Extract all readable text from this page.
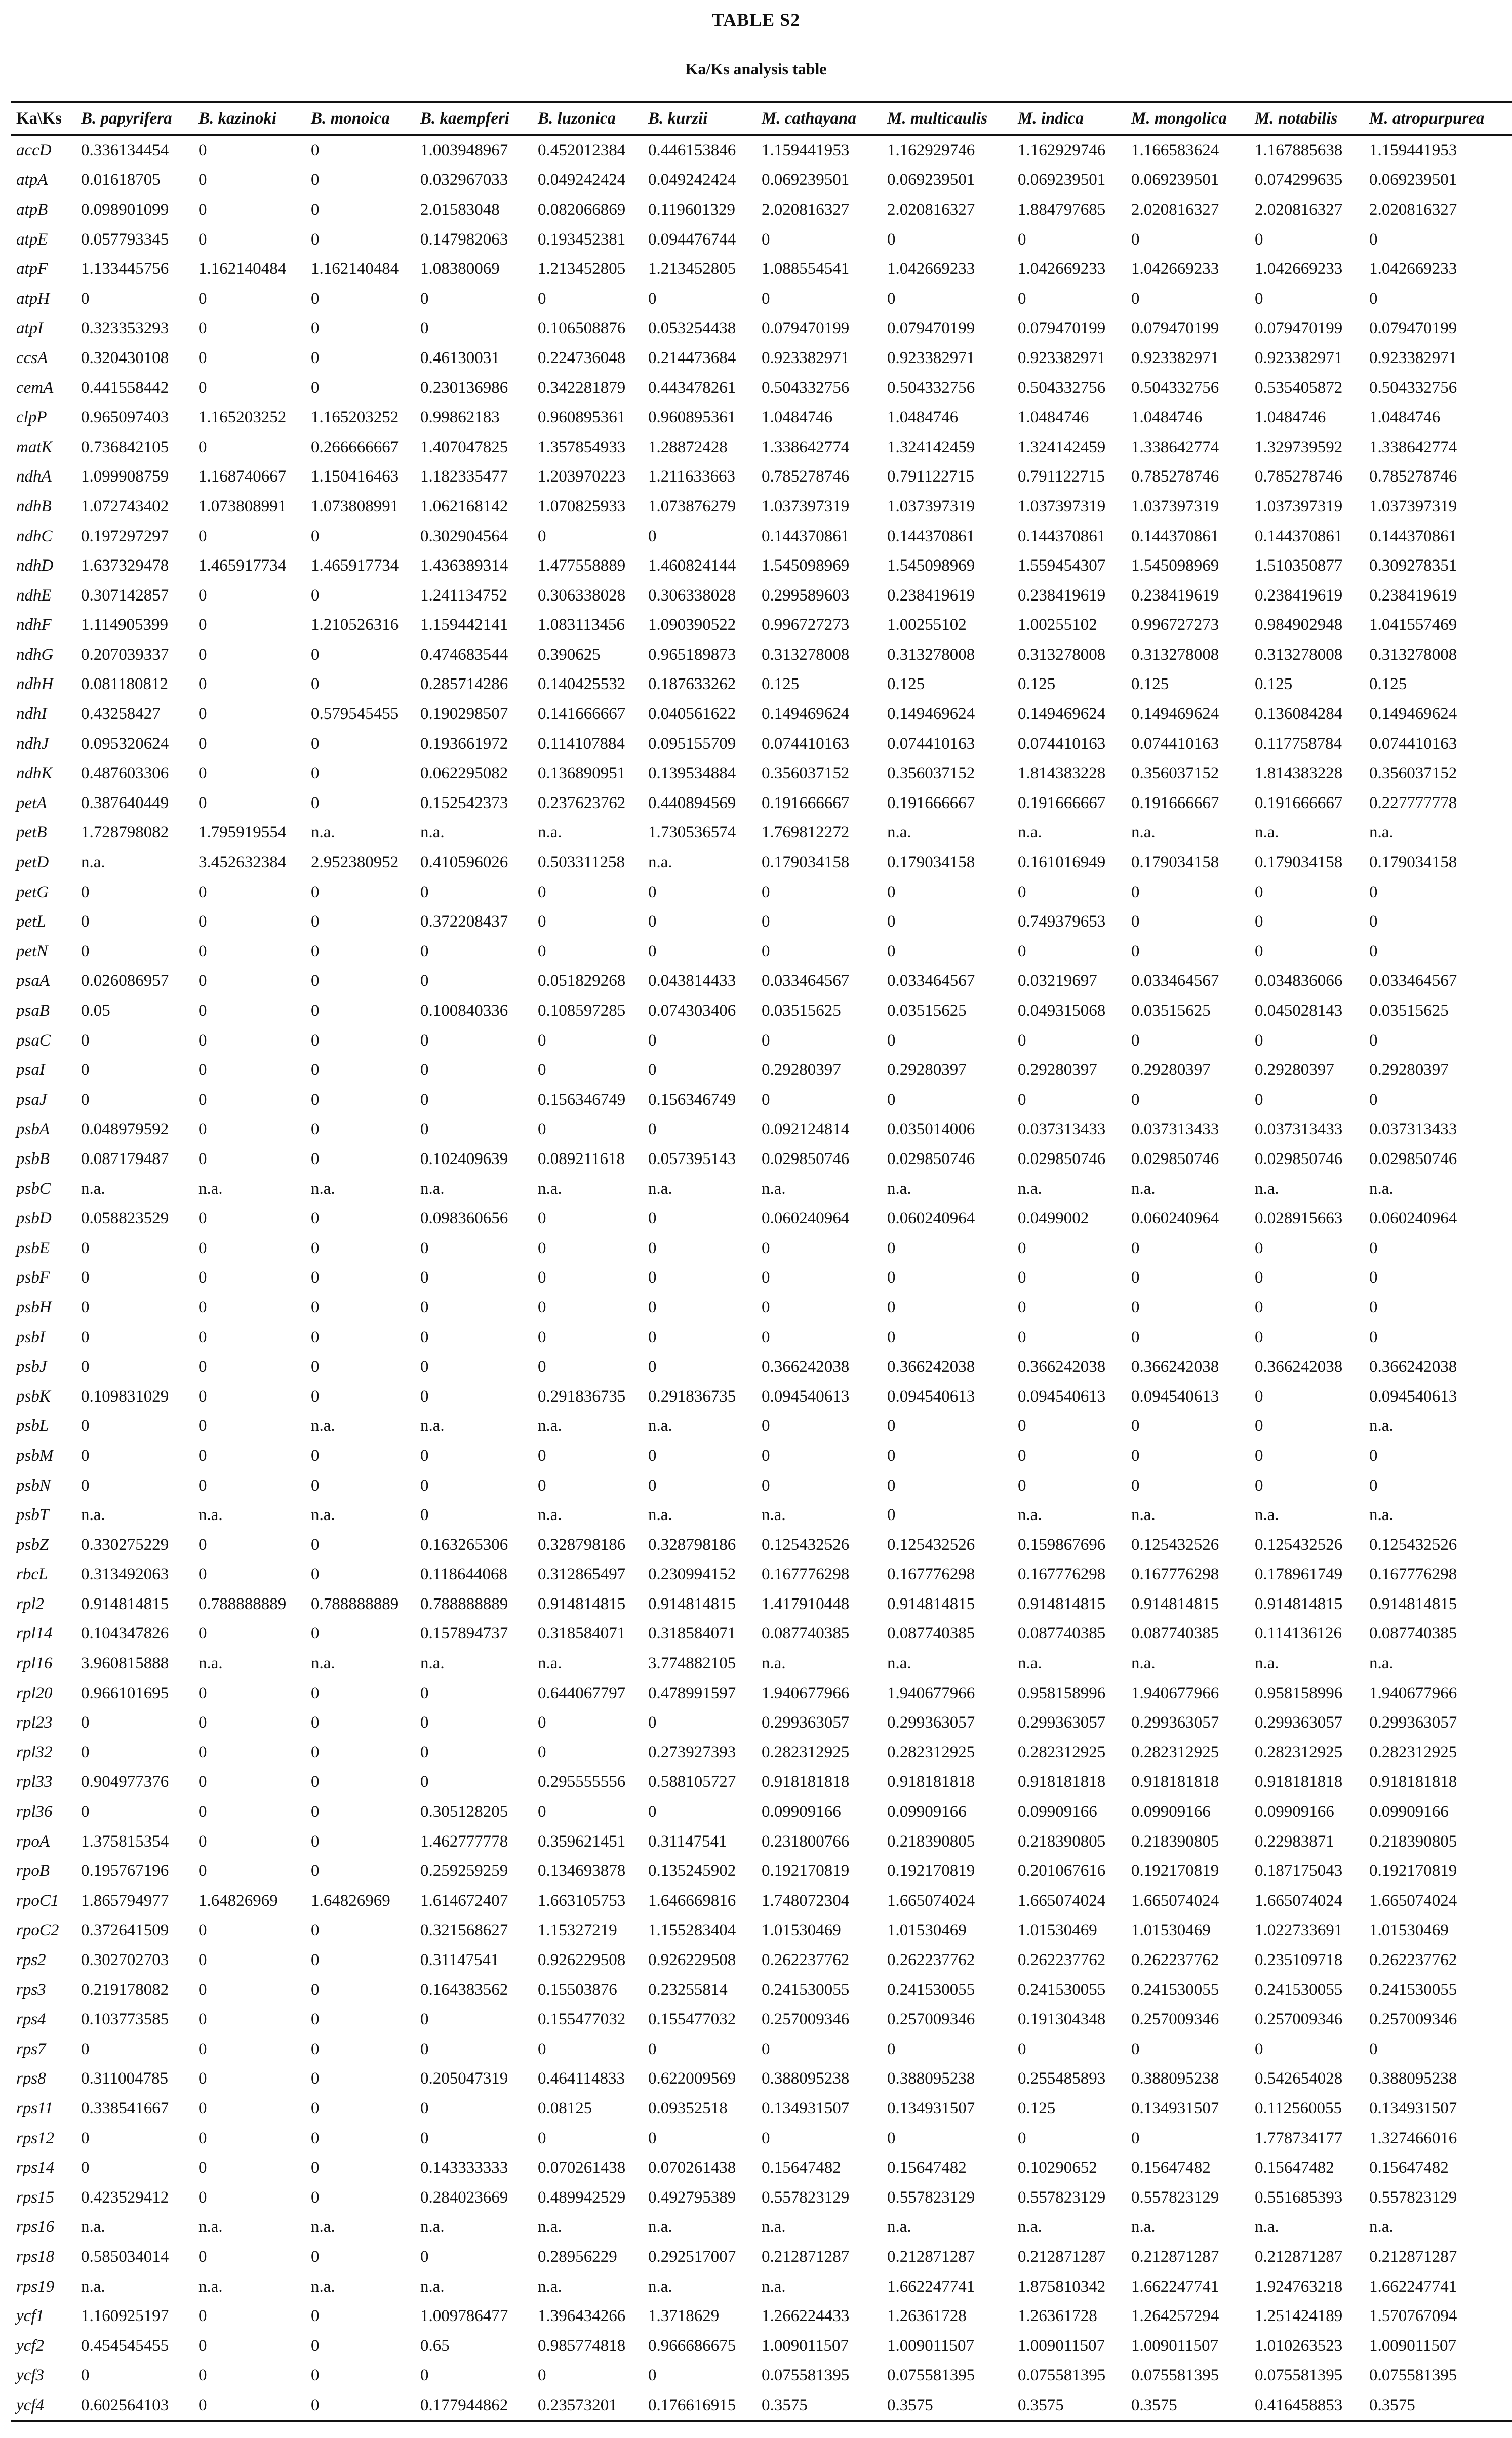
TABLE S2
Ka/Ks analysis table
Ka\Ks	B. papyrifera	B. kazinoki	B. monoica	B. kaempferi	B. luzonica	B. kurzii	M. cathayana	M. multicaulis	M. indica	M. mongolica	M. notabilis	M. atropurpurea
accD	0.336134454	0	0	1.003948967	0.452012384	0.446153846	1.159441953	1.162929746	1.162929746	1.166583624	1.167885638	1.159441953
atpA	0.01618705	0	0	0.032967033	0.049242424	0.049242424	0.069239501	0.069239501	0.069239501	0.069239501	0.074299635	0.069239501
atpB	0.098901099	0	0	2.01583048	0.082066869	0.119601329	2.020816327	2.020816327	1.884797685	2.020816327	2.020816327	2.020816327
atpE	0.057793345	0	0	0.147982063	0.193452381	0.094476744	0	0	0	0	0	0
atpF	1.133445756	1.162140484	1.162140484	1.08380069	1.213452805	1.213452805	1.088554541	1.042669233	1.042669233	1.042669233	1.042669233	1.042669233
atpH	0	0	0	0	0	0	0	0	0	0	0	0
atpI	0.323353293	0	0	0	0.106508876	0.053254438	0.079470199	0.079470199	0.079470199	0.079470199	0.079470199	0.079470199
ccsA	0.320430108	0	0	0.46130031	0.224736048	0.214473684	0.923382971	0.923382971	0.923382971	0.923382971	0.923382971	0.923382971
cemA	0.441558442	0	0	0.230136986	0.342281879	0.443478261	0.504332756	0.504332756	0.504332756	0.504332756	0.535405872	0.504332756
clpP	0.965097403	1.165203252	1.165203252	0.99862183	0.960895361	0.960895361	1.0484746	1.0484746	1.0484746	1.0484746	1.0484746	1.0484746
matK	0.736842105	0	0.266666667	1.407047825	1.357854933	1.28872428	1.338642774	1.324142459	1.324142459	1.338642774	1.329739592	1.338642774
ndhA	1.099908759	1.168740667	1.150416463	1.182335477	1.203970223	1.211633663	0.785278746	0.791122715	0.791122715	0.785278746	0.785278746	0.785278746
ndhB	1.072743402	1.073808991	1.073808991	1.062168142	1.070825933	1.073876279	1.037397319	1.037397319	1.037397319	1.037397319	1.037397319	1.037397319
ndhC	0.197297297	0	0	0.302904564	0	0	0.144370861	0.144370861	0.144370861	0.144370861	0.144370861	0.144370861
ndhD	1.637329478	1.465917734	1.465917734	1.436389314	1.477558889	1.460824144	1.545098969	1.545098969	1.559454307	1.545098969	1.510350877	0.309278351
ndhE	0.307142857	0	0	1.241134752	0.306338028	0.306338028	0.299589603	0.238419619	0.238419619	0.238419619	0.238419619	0.238419619
ndhF	1.114905399	0	1.210526316	1.159442141	1.083113456	1.090390522	0.996727273	1.00255102	1.00255102	0.996727273	0.984902948	1.041557469
ndhG	0.207039337	0	0	0.474683544	0.390625	0.965189873	0.313278008	0.313278008	0.313278008	0.313278008	0.313278008	0.313278008
ndhH	0.081180812	0	0	0.285714286	0.140425532	0.187633262	0.125	0.125	0.125	0.125	0.125	0.125
ndhI	0.43258427	0	0.579545455	0.190298507	0.141666667	0.040561622	0.149469624	0.149469624	0.149469624	0.149469624	0.136084284	0.149469624
ndhJ	0.095320624	0	0	0.193661972	0.114107884	0.095155709	0.074410163	0.074410163	0.074410163	0.074410163	0.117758784	0.074410163
ndhK	0.487603306	0	0	0.062295082	0.136890951	0.139534884	0.356037152	0.356037152	1.814383228	0.356037152	1.814383228	0.356037152
petA	0.387640449	0	0	0.152542373	0.237623762	0.440894569	0.191666667	0.191666667	0.191666667	0.191666667	0.191666667	0.227777778
petB	1.728798082	1.795919554	n.a.	n.a.	n.a.	1.730536574	1.769812272	n.a.	n.a.	n.a.	n.a.	n.a.
petD	n.a.	3.452632384	2.952380952	0.410596026	0.503311258	n.a.	0.179034158	0.179034158	0.161016949	0.179034158	0.179034158	0.179034158
petG	0	0	0	0	0	0	0	0	0	0	0	0
petL	0	0	0	0.372208437	0	0	0	0	0.749379653	0	0	0
petN	0	0	0	0	0	0	0	0	0	0	0	0
psaA	0.026086957	0	0	0	0.051829268	0.043814433	0.033464567	0.033464567	0.03219697	0.033464567	0.034836066	0.033464567
psaB	0.05	0	0	0.100840336	0.108597285	0.074303406	0.03515625	0.03515625	0.049315068	0.03515625	0.045028143	0.03515625
psaC	0	0	0	0	0	0	0	0	0	0	0	0
psaI	0	0	0	0	0	0	0.29280397	0.29280397	0.29280397	0.29280397	0.29280397	0.29280397
psaJ	0	0	0	0	0.156346749	0.156346749	0	0	0	0	0	0
psbA	0.048979592	0	0	0	0	0	0.092124814	0.035014006	0.037313433	0.037313433	0.037313433	0.037313433
psbB	0.087179487	0	0	0.102409639	0.089211618	0.057395143	0.029850746	0.029850746	0.029850746	0.029850746	0.029850746	0.029850746
psbC	n.a.	n.a.	n.a.	n.a.	n.a.	n.a.	n.a.	n.a.	n.a.	n.a.	n.a.	n.a.
psbD	0.058823529	0	0	0.098360656	0	0	0.060240964	0.060240964	0.0499002	0.060240964	0.028915663	0.060240964
psbE	0	0	0	0	0	0	0	0	0	0	0	0
psbF	0	0	0	0	0	0	0	0	0	0	0	0
psbH	0	0	0	0	0	0	0	0	0	0	0	0
psbI	0	0	0	0	0	0	0	0	0	0	0	0
psbJ	0	0	0	0	0	0	0.366242038	0.366242038	0.366242038	0.366242038	0.366242038	0.366242038
psbK	0.109831029	0	0	0	0.291836735	0.291836735	0.094540613	0.094540613	0.094540613	0.094540613	0	0.094540613
psbL	0	0	n.a.	n.a.	n.a.	n.a.	0	0	0	0	0	n.a.
psbM	0	0	0	0	0	0	0	0	0	0	0	0
psbN	0	0	0	0	0	0	0	0	0	0	0	0
psbT	n.a.	n.a.	n.a.	0	n.a.	n.a.	n.a.	0	n.a.	n.a.	n.a.	n.a.
psbZ	0.330275229	0	0	0.163265306	0.328798186	0.328798186	0.125432526	0.125432526	0.159867696	0.125432526	0.125432526	0.125432526
rbcL	0.313492063	0	0	0.118644068	0.312865497	0.230994152	0.167776298	0.167776298	0.167776298	0.167776298	0.178961749	0.167776298
rpl2	0.914814815	0.788888889	0.788888889	0.788888889	0.914814815	0.914814815	1.417910448	0.914814815	0.914814815	0.914814815	0.914814815	0.914814815
rpl14	0.104347826	0	0	0.157894737	0.318584071	0.318584071	0.087740385	0.087740385	0.087740385	0.087740385	0.114136126	0.087740385
rpl16	3.960815888	n.a.	n.a.	n.a.	n.a.	3.774882105	n.a.	n.a.	n.a.	n.a.	n.a.	n.a.
rpl20	0.966101695	0	0	0	0.644067797	0.478991597	1.940677966	1.940677966	0.958158996	1.940677966	0.958158996	1.940677966
rpl23	0	0	0	0	0	0	0.299363057	0.299363057	0.299363057	0.299363057	0.299363057	0.299363057
rpl32	0	0	0	0	0	0.273927393	0.282312925	0.282312925	0.282312925	0.282312925	0.282312925	0.282312925
rpl33	0.904977376	0	0	0	0.295555556	0.588105727	0.918181818	0.918181818	0.918181818	0.918181818	0.918181818	0.918181818
rpl36	0	0	0	0.305128205	0	0	0.09909166	0.09909166	0.09909166	0.09909166	0.09909166	0.09909166
rpoA	1.375815354	0	0	1.462777778	0.359621451	0.31147541	0.231800766	0.218390805	0.218390805	0.218390805	0.22983871	0.218390805
rpoB	0.195767196	0	0	0.259259259	0.134693878	0.135245902	0.192170819	0.192170819	0.201067616	0.192170819	0.187175043	0.192170819
rpoC1	1.865794977	1.64826969	1.64826969	1.614672407	1.663105753	1.646669816	1.748072304	1.665074024	1.665074024	1.665074024	1.665074024	1.665074024
rpoC2	0.372641509	0	0	0.321568627	1.15327219	1.155283404	1.01530469	1.01530469	1.01530469	1.01530469	1.022733691	1.01530469
rps2	0.302702703	0	0	0.31147541	0.926229508	0.926229508	0.262237762	0.262237762	0.262237762	0.262237762	0.235109718	0.262237762
rps3	0.219178082	0	0	0.164383562	0.15503876	0.23255814	0.241530055	0.241530055	0.241530055	0.241530055	0.241530055	0.241530055
rps4	0.103773585	0	0	0	0.155477032	0.155477032	0.257009346	0.257009346	0.191304348	0.257009346	0.257009346	0.257009346
rps7	0	0	0	0	0	0	0	0	0	0	0	0
rps8	0.311004785	0	0	0.205047319	0.464114833	0.622009569	0.388095238	0.388095238	0.255485893	0.388095238	0.542654028	0.388095238
rps11	0.338541667	0	0	0	0.08125	0.09352518	0.134931507	0.134931507	0.125	0.134931507	0.112560055	0.134931507
rps12	0	0	0	0	0	0	0	0	0	0	1.778734177	1.327466016
rps14	0	0	0	0.143333333	0.070261438	0.070261438	0.15647482	0.15647482	0.10290652	0.15647482	0.15647482	0.15647482
rps15	0.423529412	0	0	0.284023669	0.489942529	0.492795389	0.557823129	0.557823129	0.557823129	0.557823129	0.551685393	0.557823129
rps16	n.a.	n.a.	n.a.	n.a.	n.a.	n.a.	n.a.	n.a.	n.a.	n.a.	n.a.	n.a.
rps18	0.585034014	0	0	0	0.28956229	0.292517007	0.212871287	0.212871287	0.212871287	0.212871287	0.212871287	0.212871287
rps19	n.a.	n.a.	n.a.	n.a.	n.a.	n.a.	n.a.	1.662247741	1.875810342	1.662247741	1.924763218	1.662247741
ycf1	1.160925197	0	0	1.009786477	1.396434266	1.3718629	1.266224433	1.26361728	1.26361728	1.264257294	1.251424189	1.570767094
ycf2	0.454545455	0	0	0.65	0.985774818	0.966686675	1.009011507	1.009011507	1.009011507	1.009011507	1.010263523	1.009011507
ycf3	0	0	0	0	0	0	0.075581395	0.075581395	0.075581395	0.075581395	0.075581395	0.075581395
ycf4	0.602564103	0	0	0.177944862	0.23573201	0.176616915	0.3575	0.3575	0.3575	0.3575	0.416458853	0.3575
